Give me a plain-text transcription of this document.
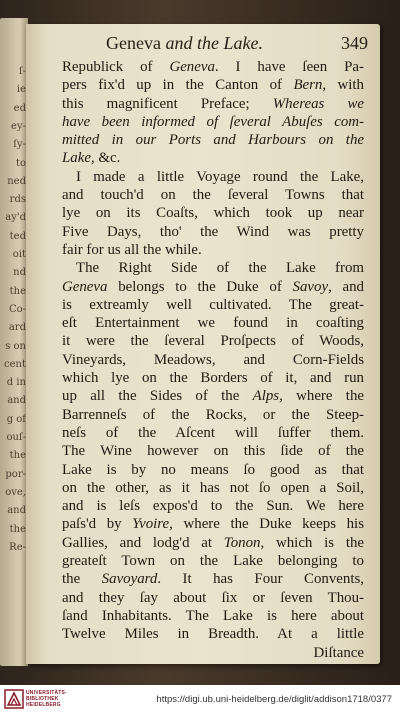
ſ-
ie
ed
ey-
ſy-
to
ned
rds
ay'd
ted
oit
nd
the
Co-
ard
s on
cent
d in
and
g of
ouſ-
the
por-
ove,
and
the
Re-
Geneva and the Lake.	349
Republick of Geneva. I have ſeen Pa-
pers fix'd up in the Canton of Bern, with
this magnificent Preface; Whereas we
have been informed of ſeveral Abuſes com-
mitted in our Ports and Harbours on the
Lake, &c.
I made a little Voyage round the Lake,
and touch'd on the ſeveral Towns that
lye on its Coaſts, which took up near
Five Days, tho' the Wind was pretty
fair for us all the while.
The Right Side of the Lake from
Geneva belongs to the Duke of Savoy, and
is extreamly well cultivated. The great-
eſt Entertainment we found in coaſting
it were the ſeveral Proſpects of Woods,
Vineyards, Meadows, and Corn-Fields
which lye on the Borders of it, and run
up all the Sides of the Alps, where the
Barrenneſs of the Rocks, or the Steep-
neſs of the Aſcent will ſuffer them.
The Wine however on this ſide of the
Lake is by no means ſo good as that
on the other, as it has not ſo open a Soil,
and is leſs expos'd to the Sun. We here
paſs'd by Yvoire, where the Duke keeps his
Gallies, and lodg'd at Tonon, which is the
greateſt Town on the Lake belonging to
the Savoyard. It has Four Convents,
and they ſay about ſix or ſeven Thou-
ſand Inhabitants. The Lake is here about
Twelve Miles in Breadth. At a little
Diſtance
UNIVERSITÄTS-
BIBLIOTHEK
HEIDELBERG	https://digi.ub.uni-heidelberg.de/diglit/addison1718/0377
